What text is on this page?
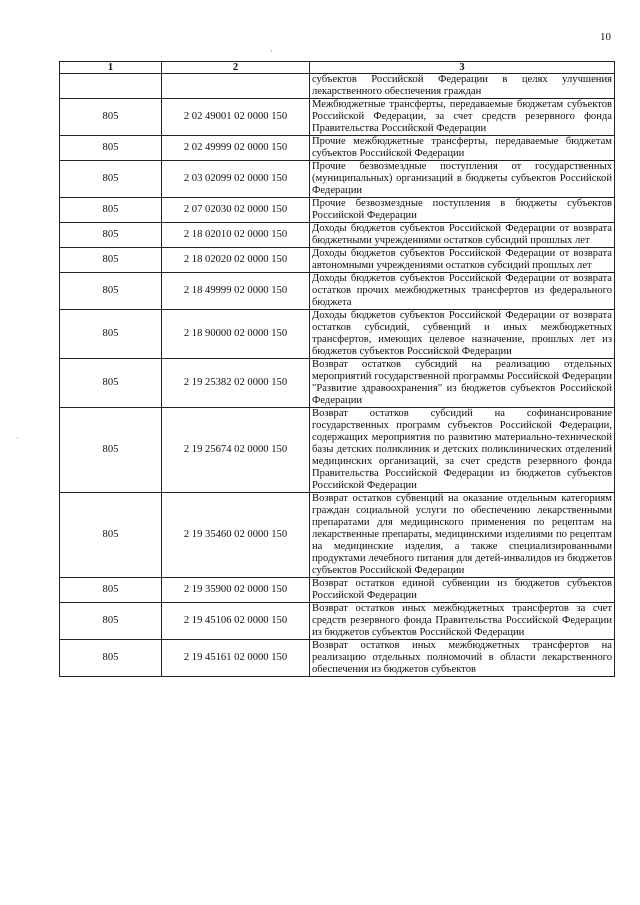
10
1	2	3
		субъектов Российской Федерации в целях улучшения лекарственного обеспечения граждан
805	2 02 49001 02 0000 150	Межбюджетные трансферты, передаваемые бюджетам субъектов Российской Федерации, за счет средств резервного фонда Правительства Российской Федерации
805	2 02 49999 02 0000 150	Прочие межбюджетные трансферты, передаваемые бюджетам субъектов Российской Федерации
805	2 03 02099 02 0000 150	Прочие безвозмездные поступления от государственных (муниципальных) организаций в бюджеты субъектов Российской Федерации
805	2 07 02030 02 0000 150	Прочие безвозмездные поступления в бюджеты субъектов Российской Федерации
805	2 18 02010 02 0000 150	Доходы бюджетов субъектов Российской Федерации от возврата бюджетными учреждениями остатков субсидий прошлых лет
805	2 18 02020 02 0000 150	Доходы бюджетов субъектов Российской Федерации от возврата автономными учреждениями остатков субсидий прошлых лет
805	2 18 49999 02 0000 150	Доходы бюджетов субъектов Российской Федерации от возврата остатков прочих межбюджетных трансфертов из федерального бюджета
805	2 18 90000 02 0000 150	Доходы бюджетов субъектов Российской Федерации от возврата остатков субсидий, субвенций и иных межбюджетных трансфертов, имеющих целевое назначение, прошлых лет из бюджетов субъектов Российской Федерации
805	2 19 25382 02 0000 150	Возврат остатков субсидий на реализацию отдельных мероприятий государственной программы Российской Федерации "Развитие здравоохранения" из бюджетов субъектов Российской Федерации
805	2 19 25674 02 0000 150	Возврат остатков субсидий на софинансирование государственных программ субъектов Российской Федерации, содержащих мероприятия по развитию материально-технической базы детских поликлиник и детских поликлинических отделений медицинских организаций, за счет средств резервного фонда Правительства Российской Федерации из бюджетов субъектов Российской Федерации
805	2 19 35460 02 0000 150	Возврат остатков субвенций на оказание отдельным категориям граждан социальной услуги по обеспечению лекарственными препаратами для медицинского применения по рецептам на лекарственные препараты, медицинскими изделиями по рецептам на медицинские изделия, а также специализированными продуктами лечебного питания для детей-инвалидов из бюджетов субъектов Российской Федерации
805	2 19 35900 02 0000 150	Возврат остатков единой субвенции из бюджетов субъектов Российской Федерации
805	2 19 45106 02 0000 150	Возврат остатков иных межбюджетных трансфертов за счет средств резервного фонда Правительства Российской Федерации из бюджетов субъектов Российской Федерации
805	2 19 45161 02 0000 150	Возврат остатков иных межбюджетных трансфертов на реализацию отдельных полномочий в области лекарственного обеспечения из бюджетов субъектов
·
ˈ
